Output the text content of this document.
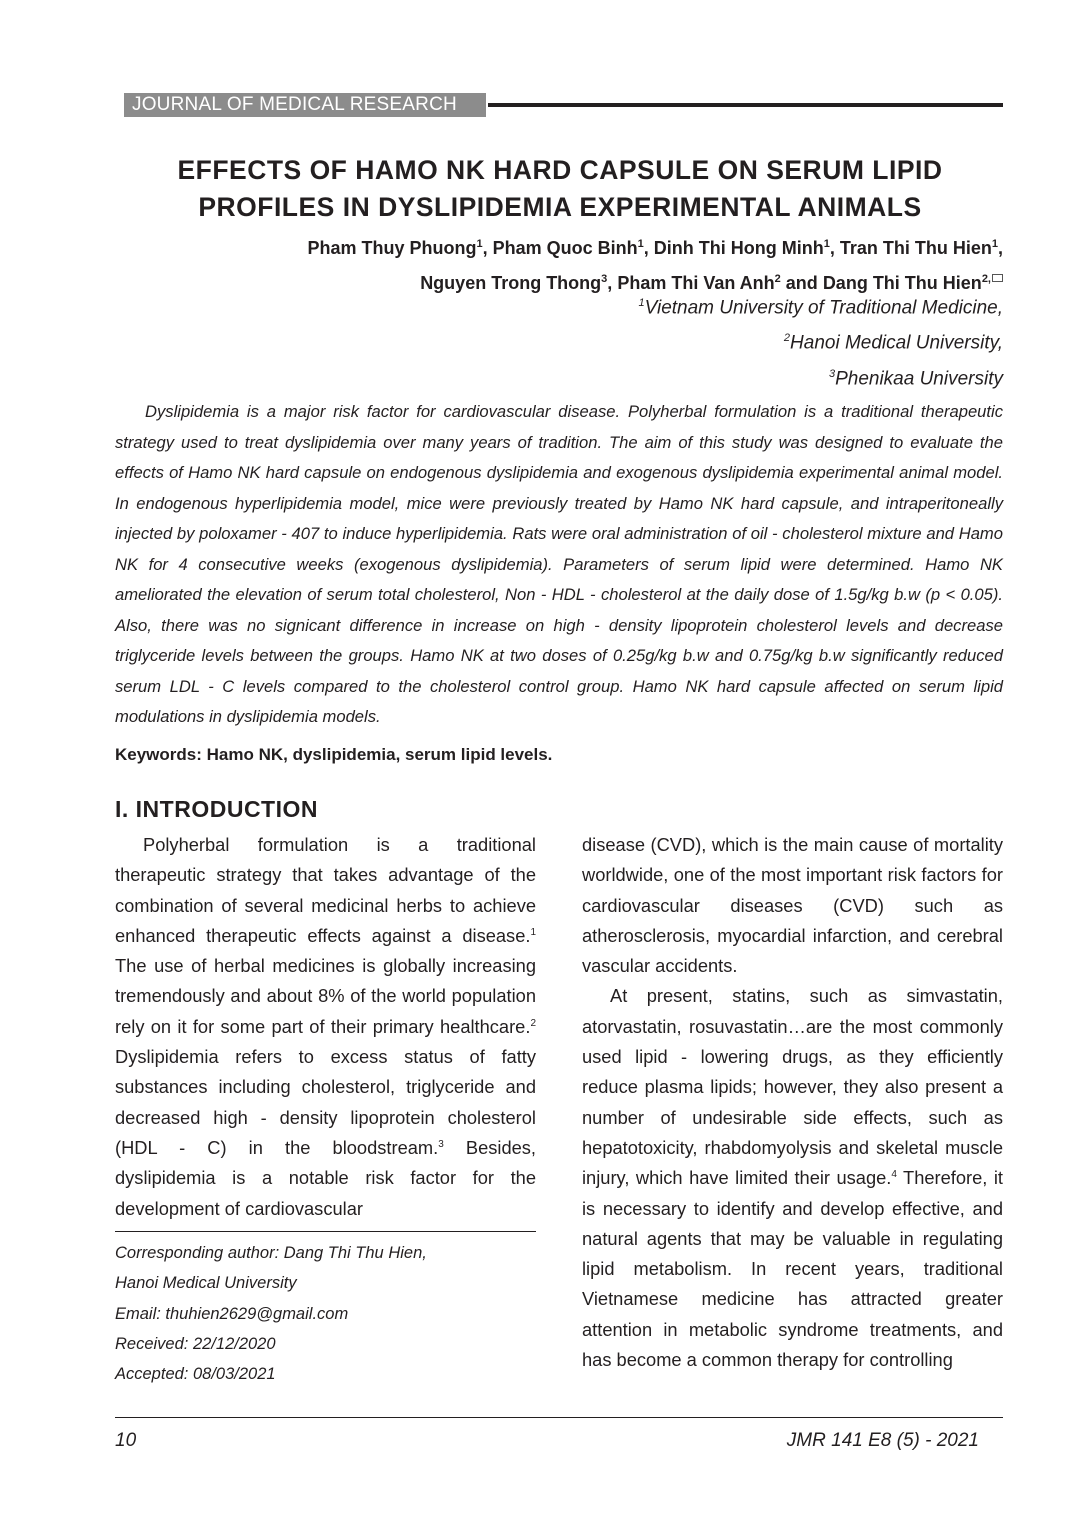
JOURNAL OF MEDICAL RESEARCH
EFFECTS OF HAMO NK HARD CAPSULE ON SERUM LIPID
PROFILES IN DYSLIPIDEMIA EXPERIMENTAL ANIMALS
Pham Thuy Phuong$^1$, Pham Quoc Binh$^1$, Dinh Thi Hong Minh$^1$, Tran Thi Thu Hien$^1$,
Nguyen Trong Thong$^3$, Pham Thi Van Anh$^2$ and Dang Thi Thu Hien$^{2,}$
$^1$Vietnam University of Traditional Medicine,
$^2$Hanoi Medical University,
$^3$Phenikaa University

Dyslipidemia is a major risk factor for cardiovascular disease. Polyherbal formulation is a traditional therapeutic strategy used to treat dyslipidemia over many years of tradition. The aim of this study was designed to evaluate the effects of Hamo NK hard capsule on endogenous dyslipidemia and exogenous dyslipidemia experimental animal model. In endogenous hyperlipidemia model, mice were previously treated by Hamo NK hard capsule, and intraperitoneally injected by poloxamer - 407 to induce hyperlipidemia. Rats were oral administration of oil - cholesterol mixture and Hamo NK for 4 consecutive weeks (exogenous dyslipidemia). Parameters of serum lipid were determined. Hamo NK ameliorated the elevation of serum total cholesterol, Non - HDL - cholesterol at the daily dose of 1.5g/kg b.w (p < 0.05). Also, there was no signicant difference in increase on high - density lipoprotein cholesterol levels and decrease triglyceride levels between the groups. Hamo NK at two doses of 0.25g/kg b.w and 0.75g/kg b.w significantly reduced serum LDL - C levels compared to the cholesterol control group. Hamo NK hard capsule affected on serum lipid modulations in dyslipidemia models.

Keywords: Hamo NK, dyslipidemia, serum lipid levels.
I. INTRODUCTION

Polyherbal formulation is a traditional therapeutic strategy that takes advantage of the combination of several medicinal herbs to achieve enhanced therapeutic effects against a disease.$^1$ The use of herbal medicines is globally increasing tremendously and about 8% of the world population rely on it for some part of their primary healthcare.$^2$ Dyslipidemia refers to excess status of fatty substances including cholesterol, triglyceride and decreased high - density lipoprotein cholesterol (HDL - C) in the bloodstream.$^3$ Besides, dyslipidemia is a notable risk factor for the development of cardiovascular

Corresponding author: Dang Thi Thu Hien,
Hanoi Medical University
Email: thuhien2629@gmail.com
Received: 22/12/2020
Accepted: 08/03/2021

disease (CVD), which is the main cause of mortality worldwide, one of the most important risk factors for cardiovascular diseases (CVD) such as atherosclerosis, myocardial infarction, and cerebral vascular accidents.

At present, statins, such as simvastatin, atorvastatin, rosuvastatin…are the most commonly used lipid - lowering drugs, as they efficiently reduce plasma lipids; however, they also present a number of undesirable side effects, such as hepatotoxicity, rhabdomyolysis and skeletal muscle injury, which have limited their usage.$^4$ Therefore, it is necessary to identify and develop effective, and natural agents that may be valuable in regulating lipid metabolism. In recent years, traditional Vietnamese medicine has attracted greater attention in metabolic syndrome treatments, and has become a common therapy for controlling

10	JMR 141 E8 (5) - 2021
